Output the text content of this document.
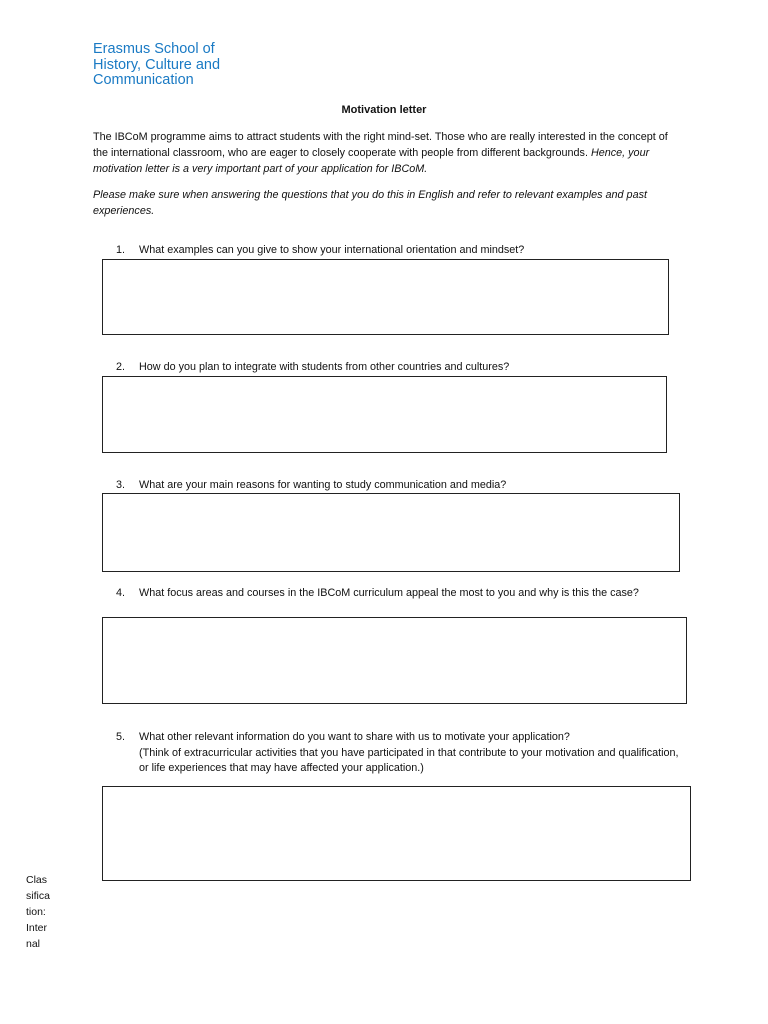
Erasmus School of
History, Culture and
Communication
Motivation letter
The IBCoM programme aims to attract students with the right mind-set. Those who are really interested in the concept of the international classroom, who are eager to closely cooperate with people from different backgrounds. Hence, your motivation letter is a very important part of your application for IBCoM.
Please make sure when answering the questions that you do this in English and refer to relevant examples and past experiences.
1. What examples can you give to show your international orientation and mindset?
2. How do you plan to integrate with students from other countries and cultures?
3. What are your main reasons for wanting to study communication and media?
4. What focus areas and courses in the IBCoM curriculum appeal the most to you and why is this the case?
5. What other relevant information do you want to share with us to motivate your application?
(Think of extracurricular activities that you have participated in that contribute to your motivation and qualification, or life experiences that may have affected your application.)
Classification: Internal
